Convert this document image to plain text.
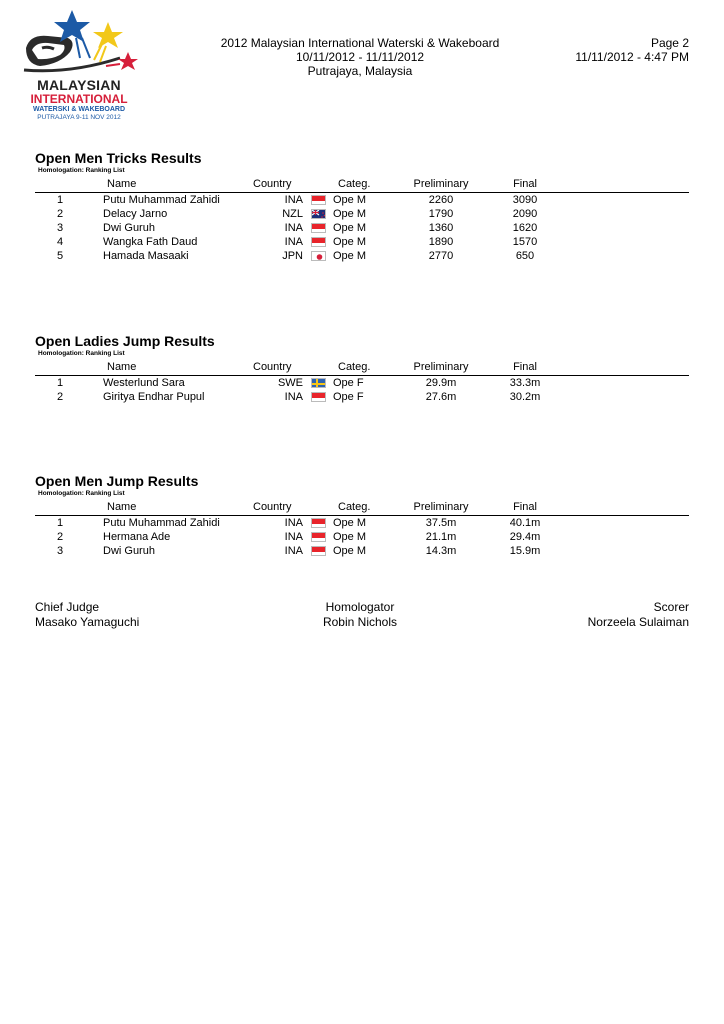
MALAYSIAN
INTERNATIONAL
WATERSKI & WAKEBOARD
PUTRAJAYA 9-11 NOV 2012
2012 Malaysian International Waterski & Wakeboard
10/11/2012 - 11/11/2012
Putrajaya, Malaysia
Page 2
11/11/2012 - 4:47 PM
Open Men Tricks Results
Homologation: Ranking List
Name	Country	Categ.	Preliminary	Final
1	Putu Muhammad Zahidi	INA	Ope M	2260	3090
2	Delacy Jarno	NZL	Ope M	1790	2090
3	Dwi Guruh	INA	Ope M	1360	1620
4	Wangka Fath Daud	INA	Ope M	1890	1570
5	Hamada Masaaki	JPN	Ope M	2770	650
Open Ladies Jump Results
Homologation: Ranking List
Name	Country	Categ.	Preliminary	Final
1	Westerlund Sara	SWE	Ope F	29.9m	33.3m
2	Giritya Endhar Pupul	INA	Ope F	27.6m	30.2m
Open Men Jump Results
Homologation: Ranking List
Name	Country	Categ.	Preliminary	Final
1	Putu Muhammad Zahidi	INA	Ope M	37.5m	40.1m
2	Hermana Ade	INA	Ope M	21.1m	29.4m
3	Dwi Guruh	INA	Ope M	14.3m	15.9m
Chief Judge
Masako Yamaguchi
Homologator
Robin Nichols
Scorer
Norzeela Sulaiman
